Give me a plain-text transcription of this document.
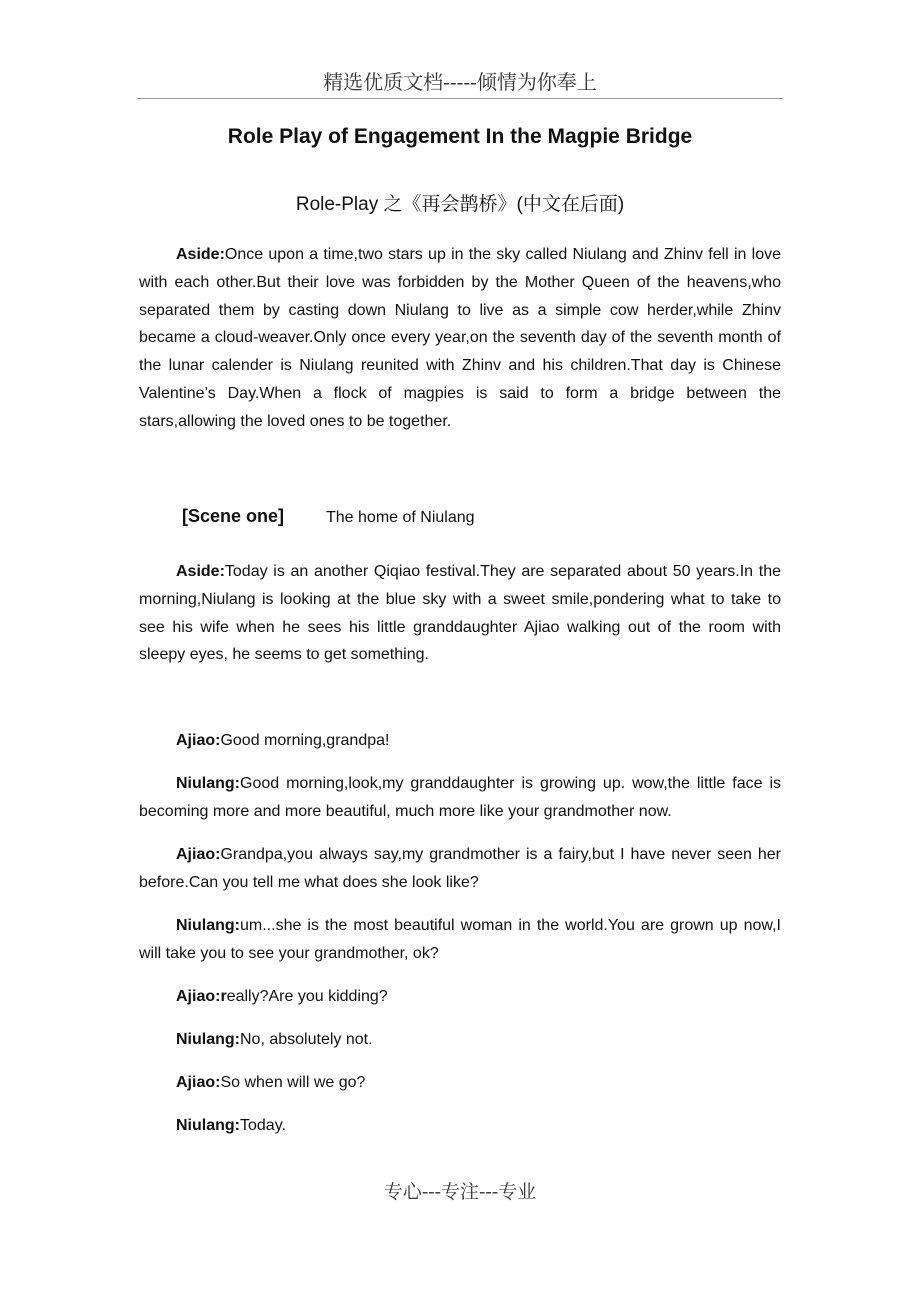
精选优质文档-----倾情为你奉上
Role Play of Engagement In the Magpie Bridge
Role-Play 之《再会鹊桥》(中文在后面)

Aside:Once upon a time,two stars up in the sky called Niulang and Zhinv fell in love with each other.But their love was forbidden by the Mother Queen of the heavens,who separated them by casting down Niulang to live as a simple cow herder,while Zhinv became a cloud-weaver.Only once every year,on the seventh day of the seventh month of the lunar calender is Niulang reunited with Zhinv and his children.That day is Chinese Valentine’s Day.When a flock of magpies is said to form a bridge between the stars,allowing the loved ones to be together.

[Scene one]	The home of Niulang

Aside:Today is an another Qiqiao festival.They are separated about 50 years.In the morning,Niulang is looking at the blue sky with a sweet smile,pondering what to take to see his wife when he sees his little granddaughter Ajiao walking out of the room with sleepy eyes, he seems to get something.

Ajiao:Good morning,grandpa!

Niulang:Good morning,look,my granddaughter is growing up. wow,the little face is becoming more and more beautiful, much more like your grandmother now.

Ajiao:Grandpa,you always say,my grandmother is a fairy,but I have never seen her before.Can you tell me what does she look like?

Niulang:um...she is the most beautiful woman in the world.You are grown up now,I will take you to see your grandmother, ok?

Ajiao:really?Are you kidding?

Niulang:No, absolutely not.

Ajiao:So when will we go?

Niulang:Today.

专心---专注---专业
